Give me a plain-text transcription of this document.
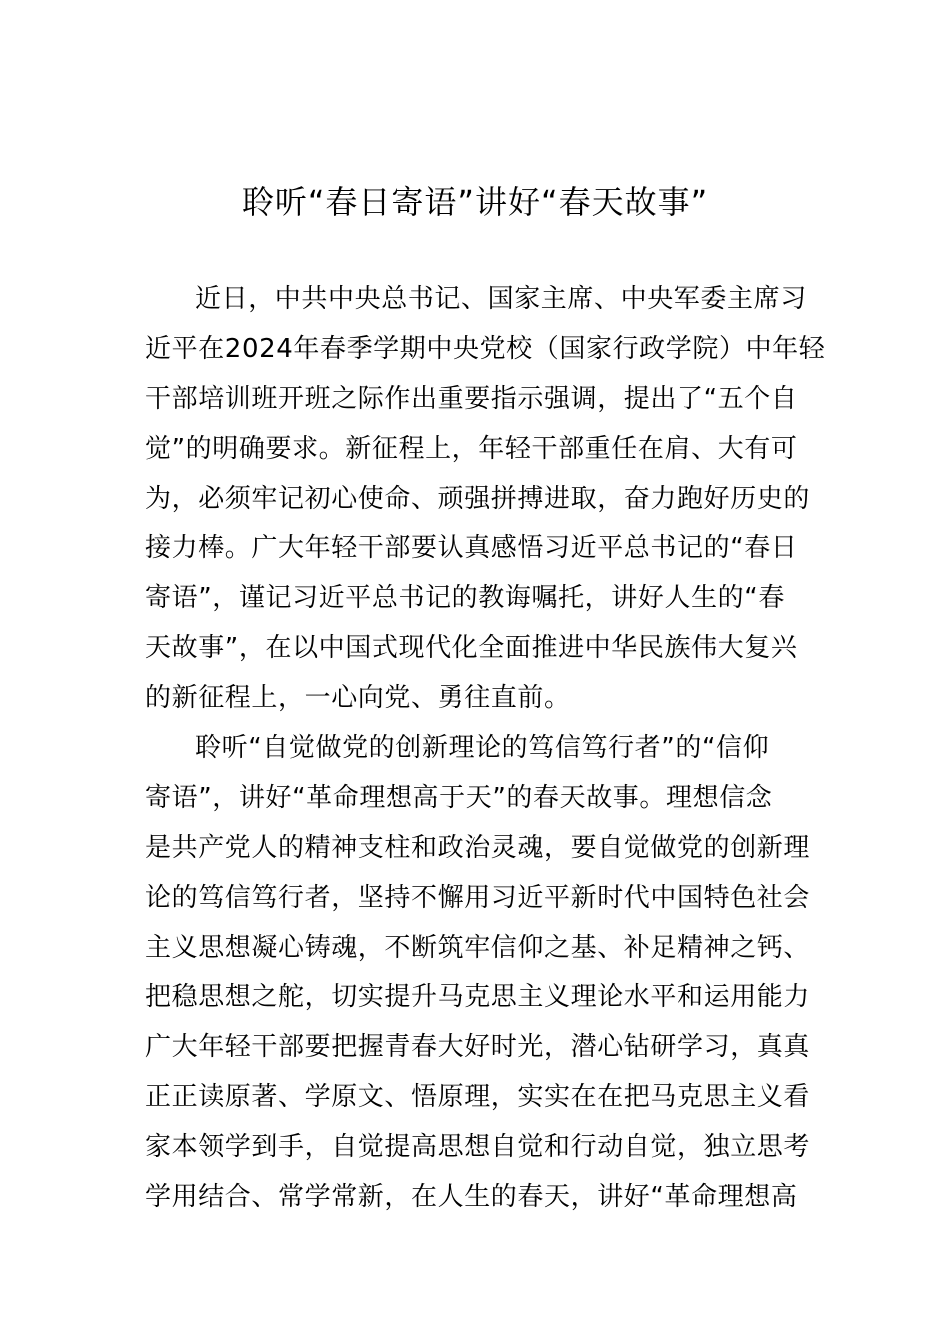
聆听“春日寄语”讲好“春天故事”
近日，中共中央总书记、国家主席、中央军委主席习
近平在2024年春季学期中央党校（国家行政学院）中年轻
干部培训班开班之际作出重要指示强调，提出了“五个自
觉”的明确要求。新征程上，年轻干部重任在肩、大有可
为，必须牢记初心使命、顽强拼搏进取，奋力跑好历史的
接力棒。广大年轻干部要认真感悟习近平总书记的“春日
寄语”，谨记习近平总书记的教诲嘱托，讲好人生的“春
天故事”，在以中国式现代化全面推进中华民族伟大复兴
的新征程上，一心向党、勇往直前。
聆听“自觉做党的创新理论的笃信笃行者”的“信仰
寄语”，讲好“革命理想高于天”的春天故事。理想信念
是共产党人的精神支柱和政治灵魂，要自觉做党的创新理
论的笃信笃行者，坚持不懈用习近平新时代中国特色社会
主义思想凝心铸魂，不断筑牢信仰之基、补足精神之钙、
把稳思想之舵，切实提升马克思主义理论水平和运用能力
广大年轻干部要把握青春大好时光，潜心钻研学习，真真
正正读原著、学原文、悟原理，实实在在把马克思主义看
家本领学到手，自觉提高思想自觉和行动自觉，独立思考
学用结合、常学常新，在人生的春天，讲好“革命理想高
